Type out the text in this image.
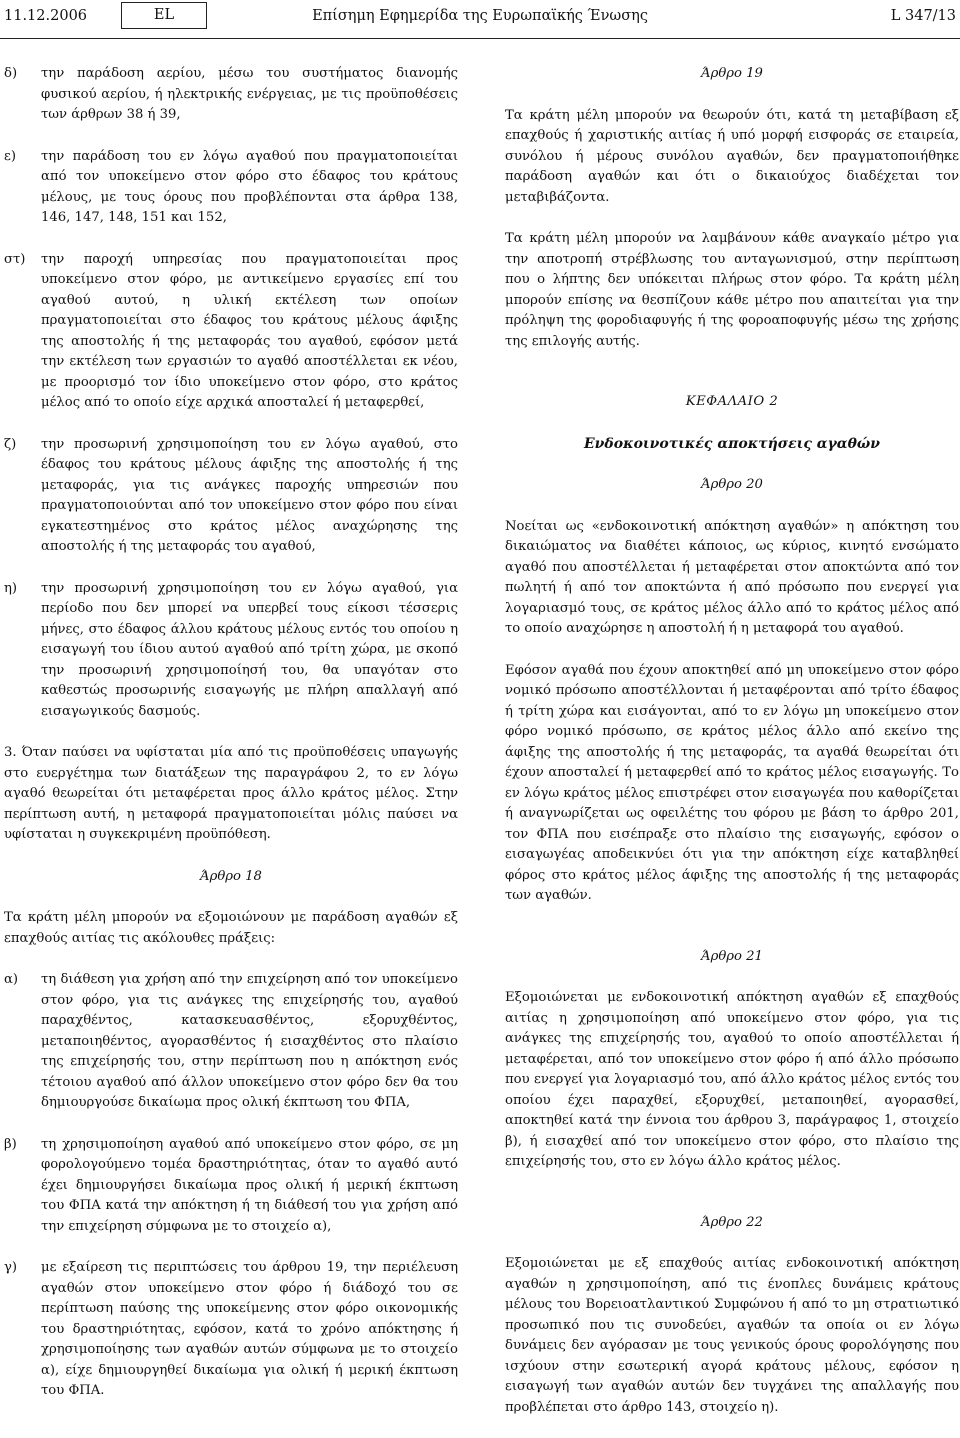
11.12.2006	EL	Επίσημη Εφημερίδα της Ευρωπαϊκής Ένωσης	L 347/13
δ)	την παράδοση αερίου, μέσω του συστήματος διανομής φυσικού αερίου, ή ηλεκτρικής ενέργειας, με τις προϋποθέσεις των άρθρων 38 ή 39,
ε)	την παράδοση του εν λόγω αγαθού που πραγματοποιείται από τον υποκείμενο στον φόρο στο έδαφος του κράτους μέλους, με τους όρους που προβλέπονται στα άρθρα 138, 146, 147, 148, 151 και 152,
στ)	την παροχή υπηρεσίας που πραγματοποιείται προς υποκείμενο στον φόρο, με αντικείμενο εργασίες επί του αγαθού αυτού, η υλική εκτέλεση των οποίων πραγματοποιείται στο έδαφος του κράτους μέλους άφιξης της αποστολής ή της μεταφοράς του αγαθού, εφόσον μετά την εκτέλεση των εργασιών το αγαθό αποστέλλεται εκ νέου, με προορισμό τον ίδιο υποκείμενο στον φόρο, στο κράτος μέλος από το οποίο είχε αρχικά αποσταλεί ή μεταφερθεί,
ζ)	την προσωρινή χρησιμοποίηση του εν λόγω αγαθού, στο έδαφος του κράτους μέλους άφιξης της αποστολής ή της μεταφοράς, για τις ανάγκες παροχής υπηρεσιών που πραγματοποιούνται από τον υποκείμενο στον φόρο που είναι εγκατεστημένος στο κράτος μέλος αναχώρησης της αποστολής ή της μεταφοράς του αγαθού,
η)	την προσωρινή χρησιμοποίηση του εν λόγω αγαθού, για περίοδο που δεν μπορεί να υπερβεί τους είκοσι τέσσερις μήνες, στο έδαφος άλλου κράτους μέλους εντός του οποίου η εισαγωγή του ίδιου αυτού αγαθού από τρίτη χώρα, με σκοπό την προσωρινή χρησιμοποίησή του, θα υπαγόταν στο καθεστώς προσωρινής εισαγωγής με πλήρη απαλλαγή από εισαγωγικούς δασμούς.

3. Όταν παύσει να υφίσταται μία από τις προϋποθέσεις υπαγωγής στο ευεργέτημα των διατάξεων της παραγράφου 2, το εν λόγω αγαθό θεωρείται ότι μεταφέρεται προς άλλο κράτος μέλος. Στην περίπτωση αυτή, η μεταφορά πραγματοποιείται μόλις παύσει να υφίσταται η συγκεκριμένη προϋπόθεση.

Άρθρο 18

Τα κράτη μέλη μπορούν να εξομοιώνουν με παράδοση αγαθών εξ επαχθούς αιτίας τις ακόλουθες πράξεις:

α)	τη διάθεση για χρήση από την επιχείρηση από τον υποκείμενο στον φόρο, για τις ανάγκες της επιχείρησής του, αγαθού παραχθέντος, κατασκευασθέντος, εξορυχθέντος, μεταποιηθέντος, αγορασθέντος ή εισαχθέντος στο πλαίσιο της επιχείρησής του, στην περίπτωση που η απόκτηση ενός τέτοιου αγαθού από άλλον υποκείμενο στον φόρο δεν θα του δημιουργούσε δικαίωμα προς ολική έκπτωση του ΦΠΑ,
β)	τη χρησιμοποίηση αγαθού από υποκείμενο στον φόρο, σε μη φορολογούμενο τομέα δραστηριότητας, όταν το αγαθό αυτό έχει δημιουργήσει δικαίωμα προς ολική ή μερική έκπτωση του ΦΠΑ κατά την απόκτηση ή τη διάθεσή του για χρήση από την επιχείρηση σύμφωνα με το στοιχείο α),
γ)	με εξαίρεση τις περιπτώσεις του άρθρου 19, την περιέλευση αγαθών στον υποκείμενο στον φόρο ή διάδοχό του σε περίπτωση παύσης της υποκείμενης στον φόρο οικονομικής του δραστηριότητας, εφόσον, κατά το χρόνο απόκτησης ή χρησιμοποίησης των αγαθών αυτών σύμφωνα με το στοιχείο α), είχε δημιουργηθεί δικαίωμα για ολική ή μερική έκπτωση του ΦΠΑ.

Άρθρο 19

Τα κράτη μέλη μπορούν να θεωρούν ότι, κατά τη μεταβίβαση εξ επαχθούς ή χαριστικής αιτίας ή υπό μορφή εισφοράς σε εταιρεία, συνόλου ή μέρους συνόλου αγαθών, δεν πραγματοποιήθηκε παράδοση αγαθών και ότι ο δικαιούχος διαδέχεται τον μεταβιβάζοντα.

Τα κράτη μέλη μπορούν να λαμβάνουν κάθε αναγκαίο μέτρο για την αποτροπή στρέβλωσης του ανταγωνισμού, στην περίπτωση που ο λήπτης δεν υπόκειται πλήρως στον φόρο. Τα κράτη μέλη μπορούν επίσης να θεσπίζουν κάθε μέτρο που απαιτείται για την πρόληψη της φοροδιαφυγής ή της φοροαποφυγής μέσω της χρήσης της επιλογής αυτής.

ΚΕΦΑΛΑΙΟ 2

Ενδοκοινοτικές αποκτήσεις αγαθών

Άρθρο 20

Νοείται ως «ενδοκοινοτική απόκτηση αγαθών» η απόκτηση του δικαιώματος να διαθέτει κάποιος, ως κύριος, κινητό ενσώματο αγαθό που αποστέλλεται ή μεταφέρεται στον αποκτώντα από τον πωλητή ή από τον αποκτώντα ή από πρόσωπο που ενεργεί για λογαριασμό τους, σε κράτος μέλος άλλο από το κράτος μέλος από το οποίο αναχώρησε η αποστολή ή η μεταφορά του αγαθού.

Εφόσον αγαθά που έχουν αποκτηθεί από μη υποκείμενο στον φόρο νομικό πρόσωπο αποστέλλονται ή μεταφέρονται από τρίτο έδαφος ή τρίτη χώρα και εισάγονται, από το εν λόγω μη υποκείμενο στον φόρο νομικό πρόσωπο, σε κράτος μέλος άλλο από εκείνο της άφιξης της αποστολής ή της μεταφοράς, τα αγαθά θεωρείται ότι έχουν αποσταλεί ή μεταφερθεί από το κράτος μέλος εισαγωγής. Το εν λόγω κράτος μέλος επιστρέφει στον εισαγωγέα που καθορίζεται ή αναγνωρίζεται ως οφειλέτης του φόρου με βάση το άρθρο 201, τον ΦΠΑ που εισέπραξε στο πλαίσιο της εισαγωγής, εφόσον ο εισαγωγέας αποδεικνύει ότι για την απόκτηση είχε καταβληθεί φόρος στο κράτος μέλος άφιξης της αποστολής ή της μεταφοράς των αγαθών.

Άρθρο 21

Εξομοιώνεται με ενδοκοινοτική απόκτηση αγαθών εξ επαχθούς αιτίας η χρησιμοποίηση από υποκείμενο στον φόρο, για τις ανάγκες της επιχείρησής του, αγαθού το οποίο αποστέλλεται ή μεταφέρεται, από τον υποκείμενο στον φόρο ή από άλλο πρόσωπο που ενεργεί για λογαριασμό του, από άλλο κράτος μέλος εντός του οποίου έχει παραχθεί, εξορυχθεί, μεταποιηθεί, αγορασθεί, αποκτηθεί κατά την έννοια του άρθρου 3, παράγραφος 1, στοιχείο β), ή εισαχθεί από τον υποκείμενο στον φόρο, στο πλαίσιο της επιχείρησής του, στο εν λόγω άλλο κράτος μέλος.

Άρθρο 22

Εξομοιώνεται με εξ επαχθούς αιτίας ενδοκοινοτική απόκτηση αγαθών η χρησιμοποίηση, από τις ένοπλες δυνάμεις κράτους μέλους του Βορειοατλαντικού Συμφώνου ή από το μη στρατιωτικό προσωπικό που τις συνοδεύει, αγαθών τα οποία οι εν λόγω δυνάμεις δεν αγόρασαν με τους γενικούς όρους φορολόγησης που ισχύουν στην εσωτερική αγορά κράτους μέλους, εφόσον η εισαγωγή των αγαθών αυτών δεν τυγχάνει της απαλλαγής που προβλέπεται στο άρθρο 143, στοιχείο η).
